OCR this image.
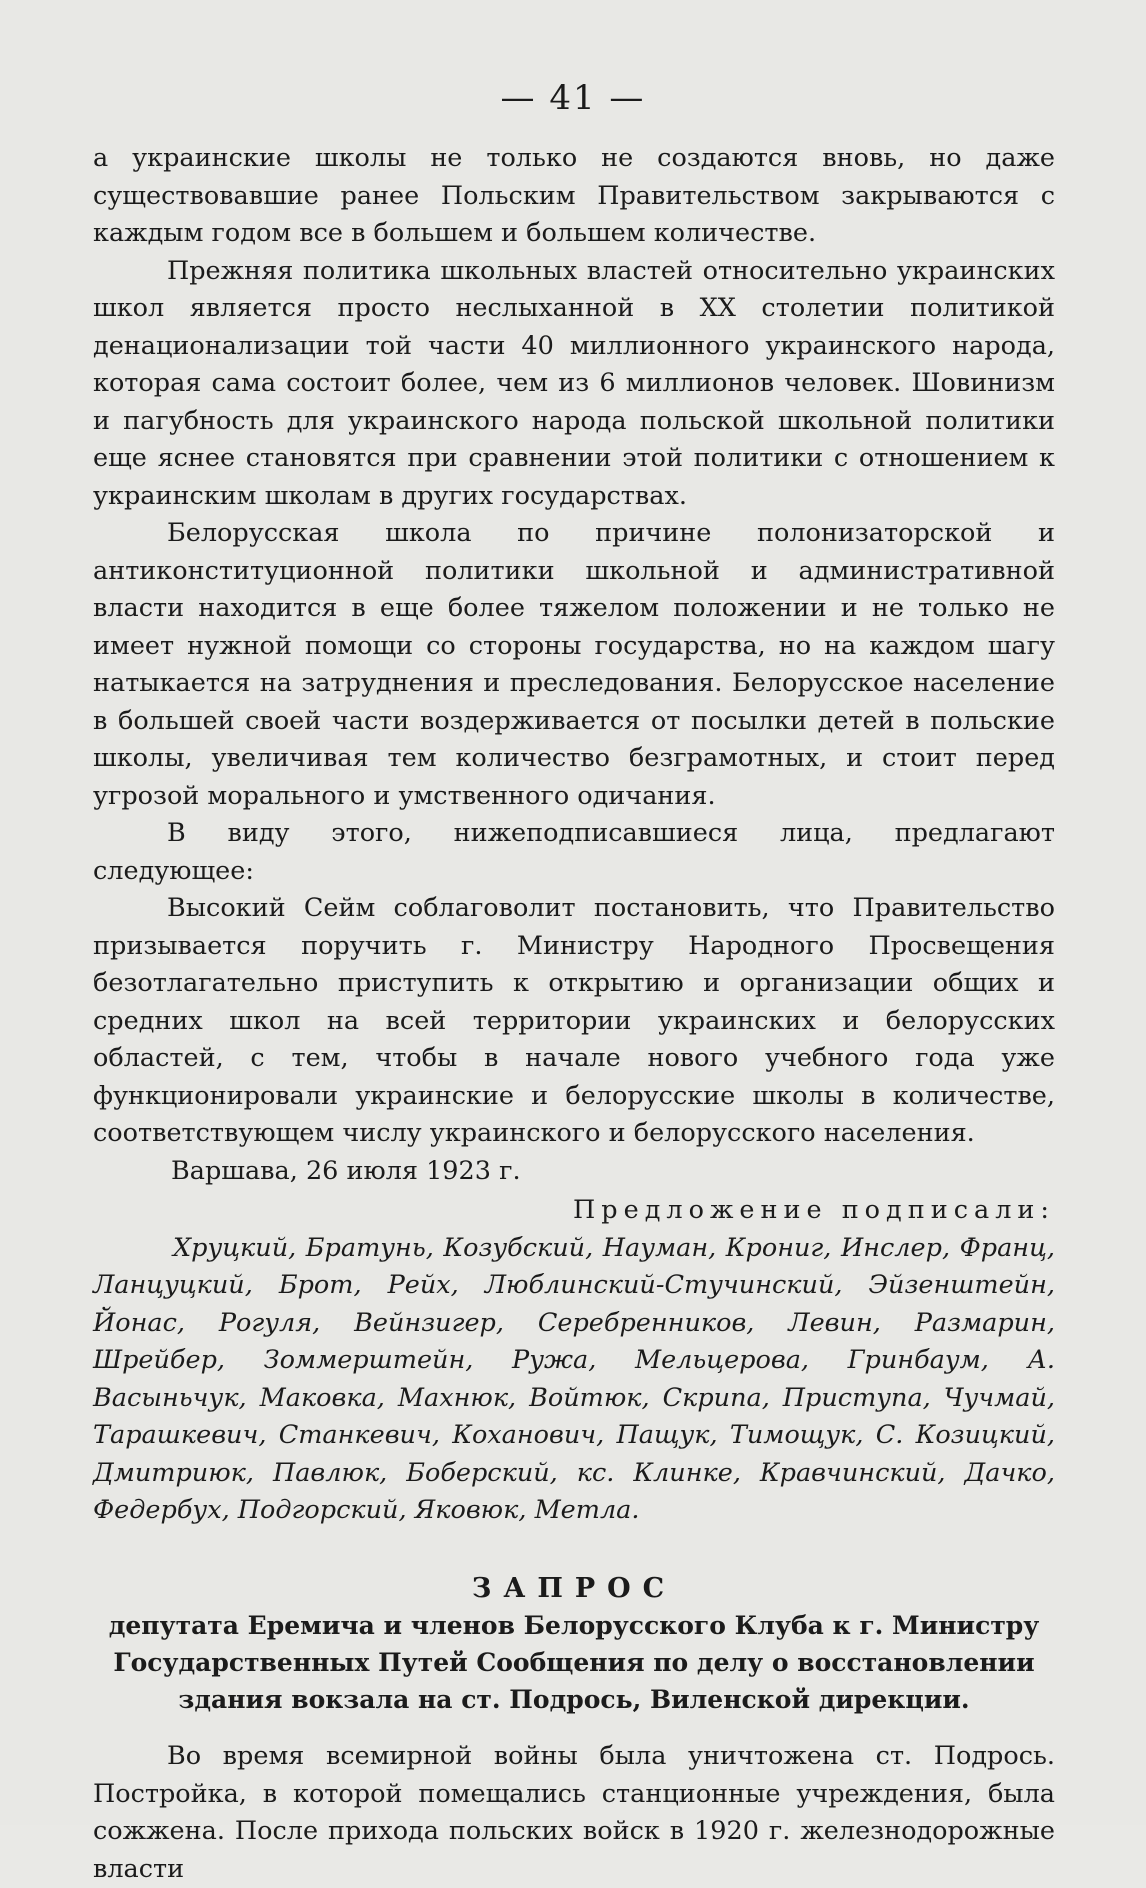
— 41 —

а украинские школы не только не создаются вновь, но даже существовавшие ранее Польским Правительством закрываются с каждым годом все в большем и большем количестве.

Прежняя политика школьных властей относительно украинских школ является просто неслыханной в XX столетии политикой денационализации той части 40 миллионного украинского народа, которая сама состоит более, чем из 6 миллионов человек. Шовинизм и пагубность для украинского народа польской школьной политики еще яснее становятся при сравнении этой политики с отношением к украинским школам в других государствах.

Белорусская школа по причине полонизаторской и антиконституционной политики школьной и административной власти находится в еще более тяжелом положении и не только не имеет нужной помощи со стороны государства, но на каждом шагу натыкается на затруднения и преследования. Белорусское население в большей своей части воздерживается от посылки детей в польские школы, увеличивая тем количество безграмотных, и стоит перед угрозой морального и умственного одичания.

В виду этого, нижеподписавшиеся лица, предлагают следующее:

Высокий Сейм соблаговолит постановить, что Правительство призывается поручить г. Министру Народного Просвещения безотлагательно приступить к открытию и организации общих и средних школ на всей территории украинских и белорусских областей, с тем, чтобы в начале нового учебного года уже функционировали украинские и белорусские школы в количестве, соответствующем числу украинского и белорусского населения.

Варшава, 26 июля 1923 г.

Предложение подписали:

Хруцкий, Братунь, Козубский, Науман, Крониг, Инслер, Франц, Ланцуцкий, Брот, Рейх, Люблинский-Стучинский, Эйзенштейн, Йонас, Рогуля, Вейнзигер, Серебренников, Левин, Размарин, Шрейбер, Зоммерштейн, Ружа, Мельцерова, Гринбаум, А. Васыньчук, Маковка, Махнюк, Войтюк, Скрипа, Приступа, Чучмай, Тарашкевич, Станкевич, Коханович, Пащук, Тимощук, С. Козицкий, Дмитриюк, Павлюк, Боберский, кс. Клинке, Кравчинский, Дачко, Федербух, Подгорский, Яковюк, Метла.

ЗАПРОС

депутата Еремича и членов Белорусского Клуба к г. Министру Государственных Путей Сообщения по делу о восстановлении здания вокзала на ст. Подрось, Виленской дирекции.

Во время всемирной войны была уничтожена ст. Подрось. Постройка, в которой помещались станционные учреждения, была сожжена. После прихода польских войск в 1920 г. железнодорожные власти
